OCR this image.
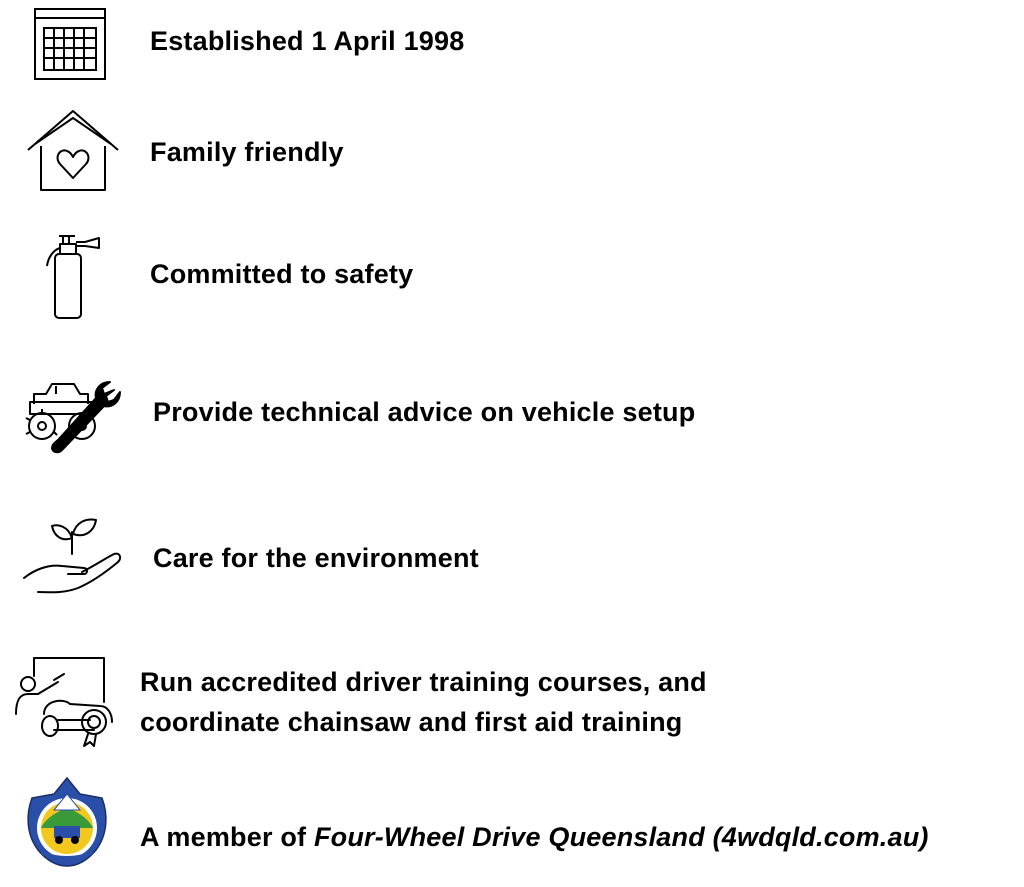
Established 1 April 1998
Family friendly
Committed to safety
Provide technical advice on vehicle setup
Care for the environment
Run accredited driver training courses, and
coordinate chainsaw and first aid training
A member of Four-Wheel Drive Queensland (4wdqld.com.au)
